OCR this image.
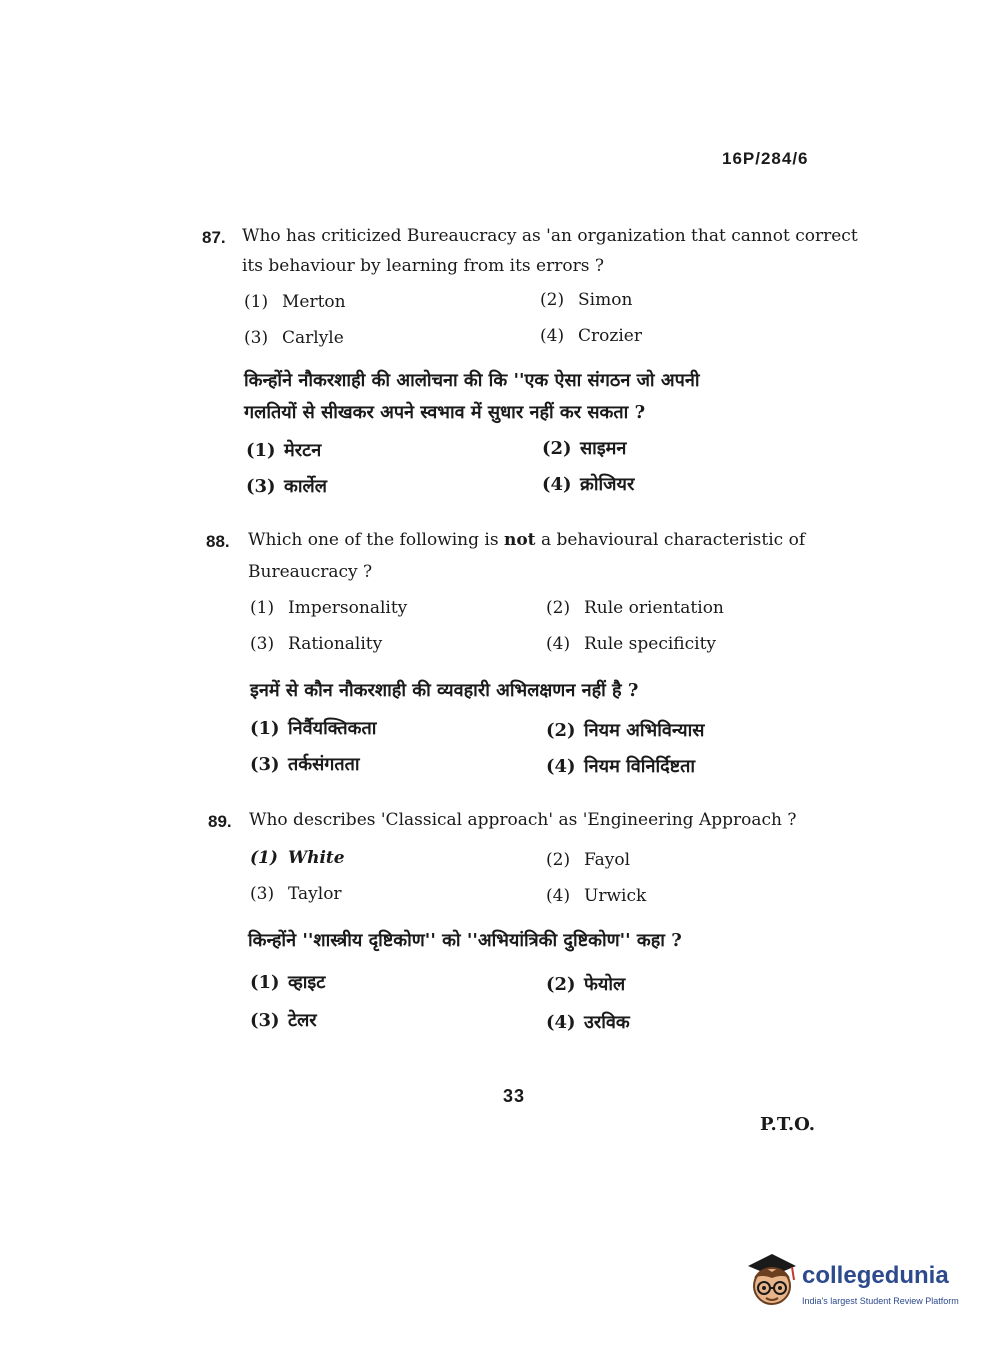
16P/284/6
87. Who has criticized Bureaucracy as 'an organization that cannot correct
its behaviour by learning from its errors ?
(1) Merton	(2) Simon
(3) Carlyle	(4) Crozier
किन्होंने नौकरशाही की आलोचना की कि ''एक ऐसा संगठन जो अपनी
गलतियों से सीखकर अपने स्वभाव में सुधार नहीं कर सकता ?
(1) मेरटन	(2) साइमन
(3) कार्लेल	(4) क्रोजियर
88. Which one of the following is not a behavioural characteristic of
Bureaucracy ?
(1) Impersonality	(2) Rule orientation
(3) Rationality	(4) Rule specificity
इनमें से कौन नौकरशाही की व्यवहारी अभिलक्षणन नहीं है ?
(1) निर्वैयक्तिकता	(2) नियम अभिविन्यास
(3) तर्कसंगतता	(4) नियम विनिर्दिष्टता
89. Who describes 'Classical approach' as 'Engineering Approach ?
(1) White	(2) Fayol
(3) Taylor	(4) Urwick
किन्होंने ''शास्त्रीय दृष्टिकोण'' को ''अभियांत्रिकी दुष्टिकोण'' कहा ?
(1) व्हाइट	(2) फेयोल
(3) टेलर	(4) उरविक
33
P.T.O.
collegedunia
India's largest Student Review Platform
